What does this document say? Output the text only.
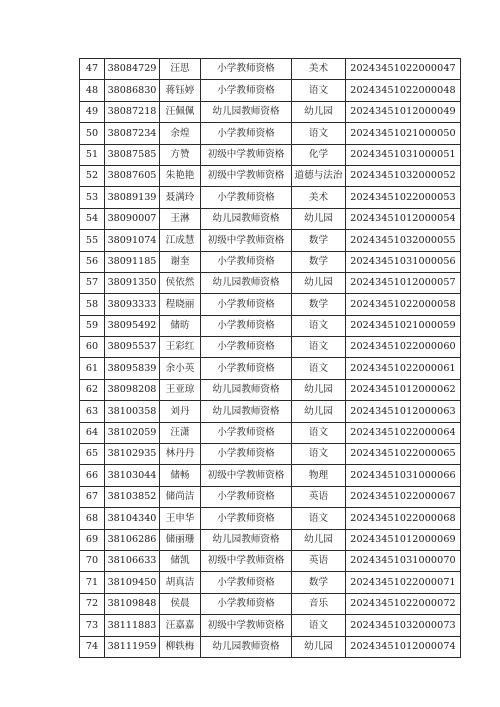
47	38084729	汪思	小学教师资格	美术	20243451022000047
48	38086830	蒋钰婷	小学教师资格	语文	20243451022000048
49	38087218	汪佩佩	幼儿园教师资格	幼儿园	20243451012000049
50	38087234	余煌	小学教师资格	语文	20243451021000050
51	38087585	方赞	初级中学教师资格	化学	20243451031000051
52	38087605	朱艳艳	初级中学教师资格	道德与法治	20243451032000052
53	38089139	聂满玲	小学教师资格	美术	20243451022000053
54	38090007	王淋	幼儿园教师资格	幼儿园	20243451012000054
55	38091074	江成慧	初级中学教师资格	数学	20243451032000055
56	38091185	谢奎	小学教师资格	数学	20243451031000056
57	38091350	侯依然	幼儿园教师资格	幼儿园	20243451012000057
58	38093333	程晓丽	小学教师资格	数学	20243451022000058
59	38095492	储昉	小学教师资格	语文	20243451021000059
60	38095537	王彩红	小学教师资格	语文	20243451022000060
61	38095839	余小英	小学教师资格	语文	20243451022000061
62	38098208	王亚琼	幼儿园教师资格	幼儿园	20243451012000062
63	38100358	刘丹	幼儿园教师资格	幼儿园	20243451012000063
64	38102059	汪潇	小学教师资格	语文	20243451022000064
65	38102935	林丹丹	小学教师资格	语文	20243451022000065
66	38103044	储畅	初级中学教师资格	物理	20243451031000066
67	38103852	储尚洁	小学教师资格	英语	20243451022000067
68	38104340	王申华	小学教师资格	语文	20243451022000068
69	38106286	储丽珊	幼儿园教师资格	幼儿园	20243451012000069
70	38106633	储凯	初级中学教师资格	英语	20243451031000070
71	38109450	胡真洁	小学教师资格	数学	20243451022000071
72	38109848	侯晨	小学教师资格	音乐	20243451022000072
73	38111883	汪嘉嘉	初级中学教师资格	语文	20243451032000073
74	38111959	柳轶梅	幼儿园教师资格	幼儿园	20243451012000074
